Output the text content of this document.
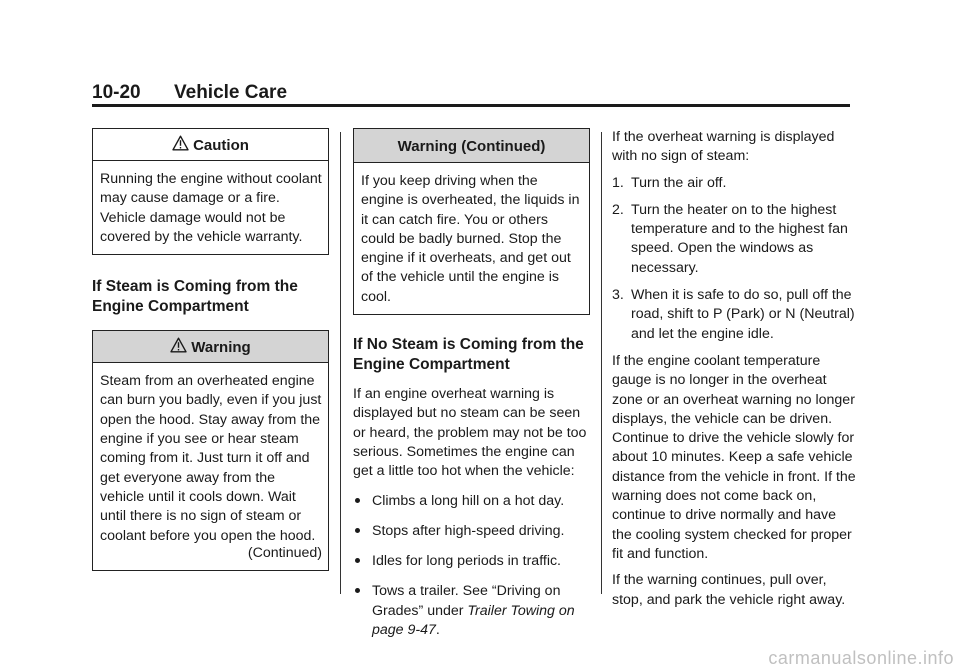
10-20 Vehicle Care
Caution
Running the engine without coolant may cause damage or a fire. Vehicle damage would not be covered by the vehicle warranty.
If Steam is Coming from the Engine Compartment
Warning
Steam from an overheated engine can burn you badly, even if you just open the hood. Stay away from the engine if you see or hear steam coming from it. Just turn it off and get everyone away from the vehicle until it cools down. Wait until there is no sign of steam or coolant before you open the hood.
(Continued)
Warning (Continued)
If you keep driving when the engine is overheated, the liquids in it can catch fire. You or others could be badly burned. Stop the engine if it overheats, and get out of the vehicle until the engine is cool.
If No Steam is Coming from the Engine Compartment

If an engine overheat warning is displayed but no steam can be seen or heard, the problem may not be too serious. Sometimes the engine can get a little too hot when the vehicle:

Climbs a long hill on a hot day.
Stops after high-speed driving.
Idles for long periods in traffic.
Tows a trailer. See “Driving on Grades” under Trailer Towing on page 9-47.

If the overheat warning is displayed with no sign of steam:

1. Turn the air off.
2. Turn the heater on to the highest temperature and to the highest fan speed. Open the windows as necessary.
3. When it is safe to do so, pull off the road, shift to P (Park) or N (Neutral) and let the engine idle.

If the engine coolant temperature gauge is no longer in the overheat zone or an overheat warning no longer displays, the vehicle can be driven. Continue to drive the vehicle slowly for about 10 minutes. Keep a safe vehicle distance from the vehicle in front. If the warning does not come back on, continue to drive normally and have the cooling system checked for proper fit and function.

If the warning continues, pull over, stop, and park the vehicle right away.

carmanualsonline.info
